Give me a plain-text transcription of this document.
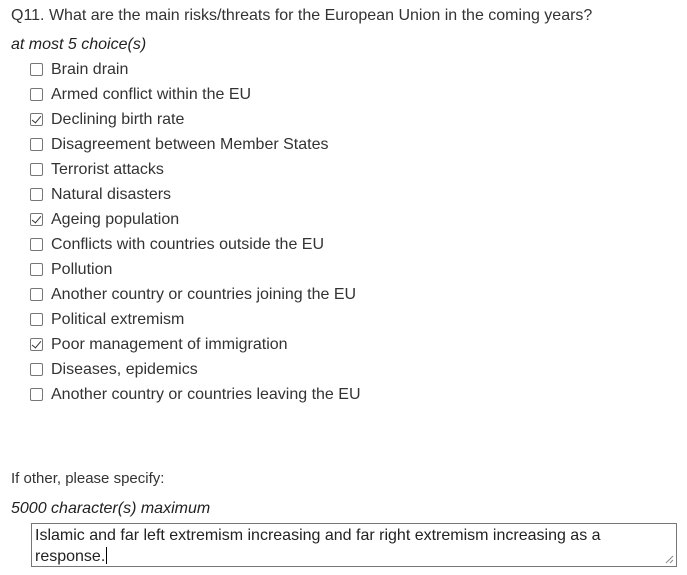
Q11. What are the main risks/threats for the European Union in the coming years?
at most 5 choice(s)
Brain drain
Armed conflict within the EU
Declining birth rate
Disagreement between Member States
Terrorist attacks
Natural disasters
Ageing population
Conflicts with countries outside the EU
Pollution
Another country or countries joining the EU
Political extremism
Poor management of immigration
Diseases, epidemics
Another country or countries leaving the EU
If other, please specify:
5000 character(s) maximum
Islamic and far left extremism increasing and far right extremism increasing as a response.
